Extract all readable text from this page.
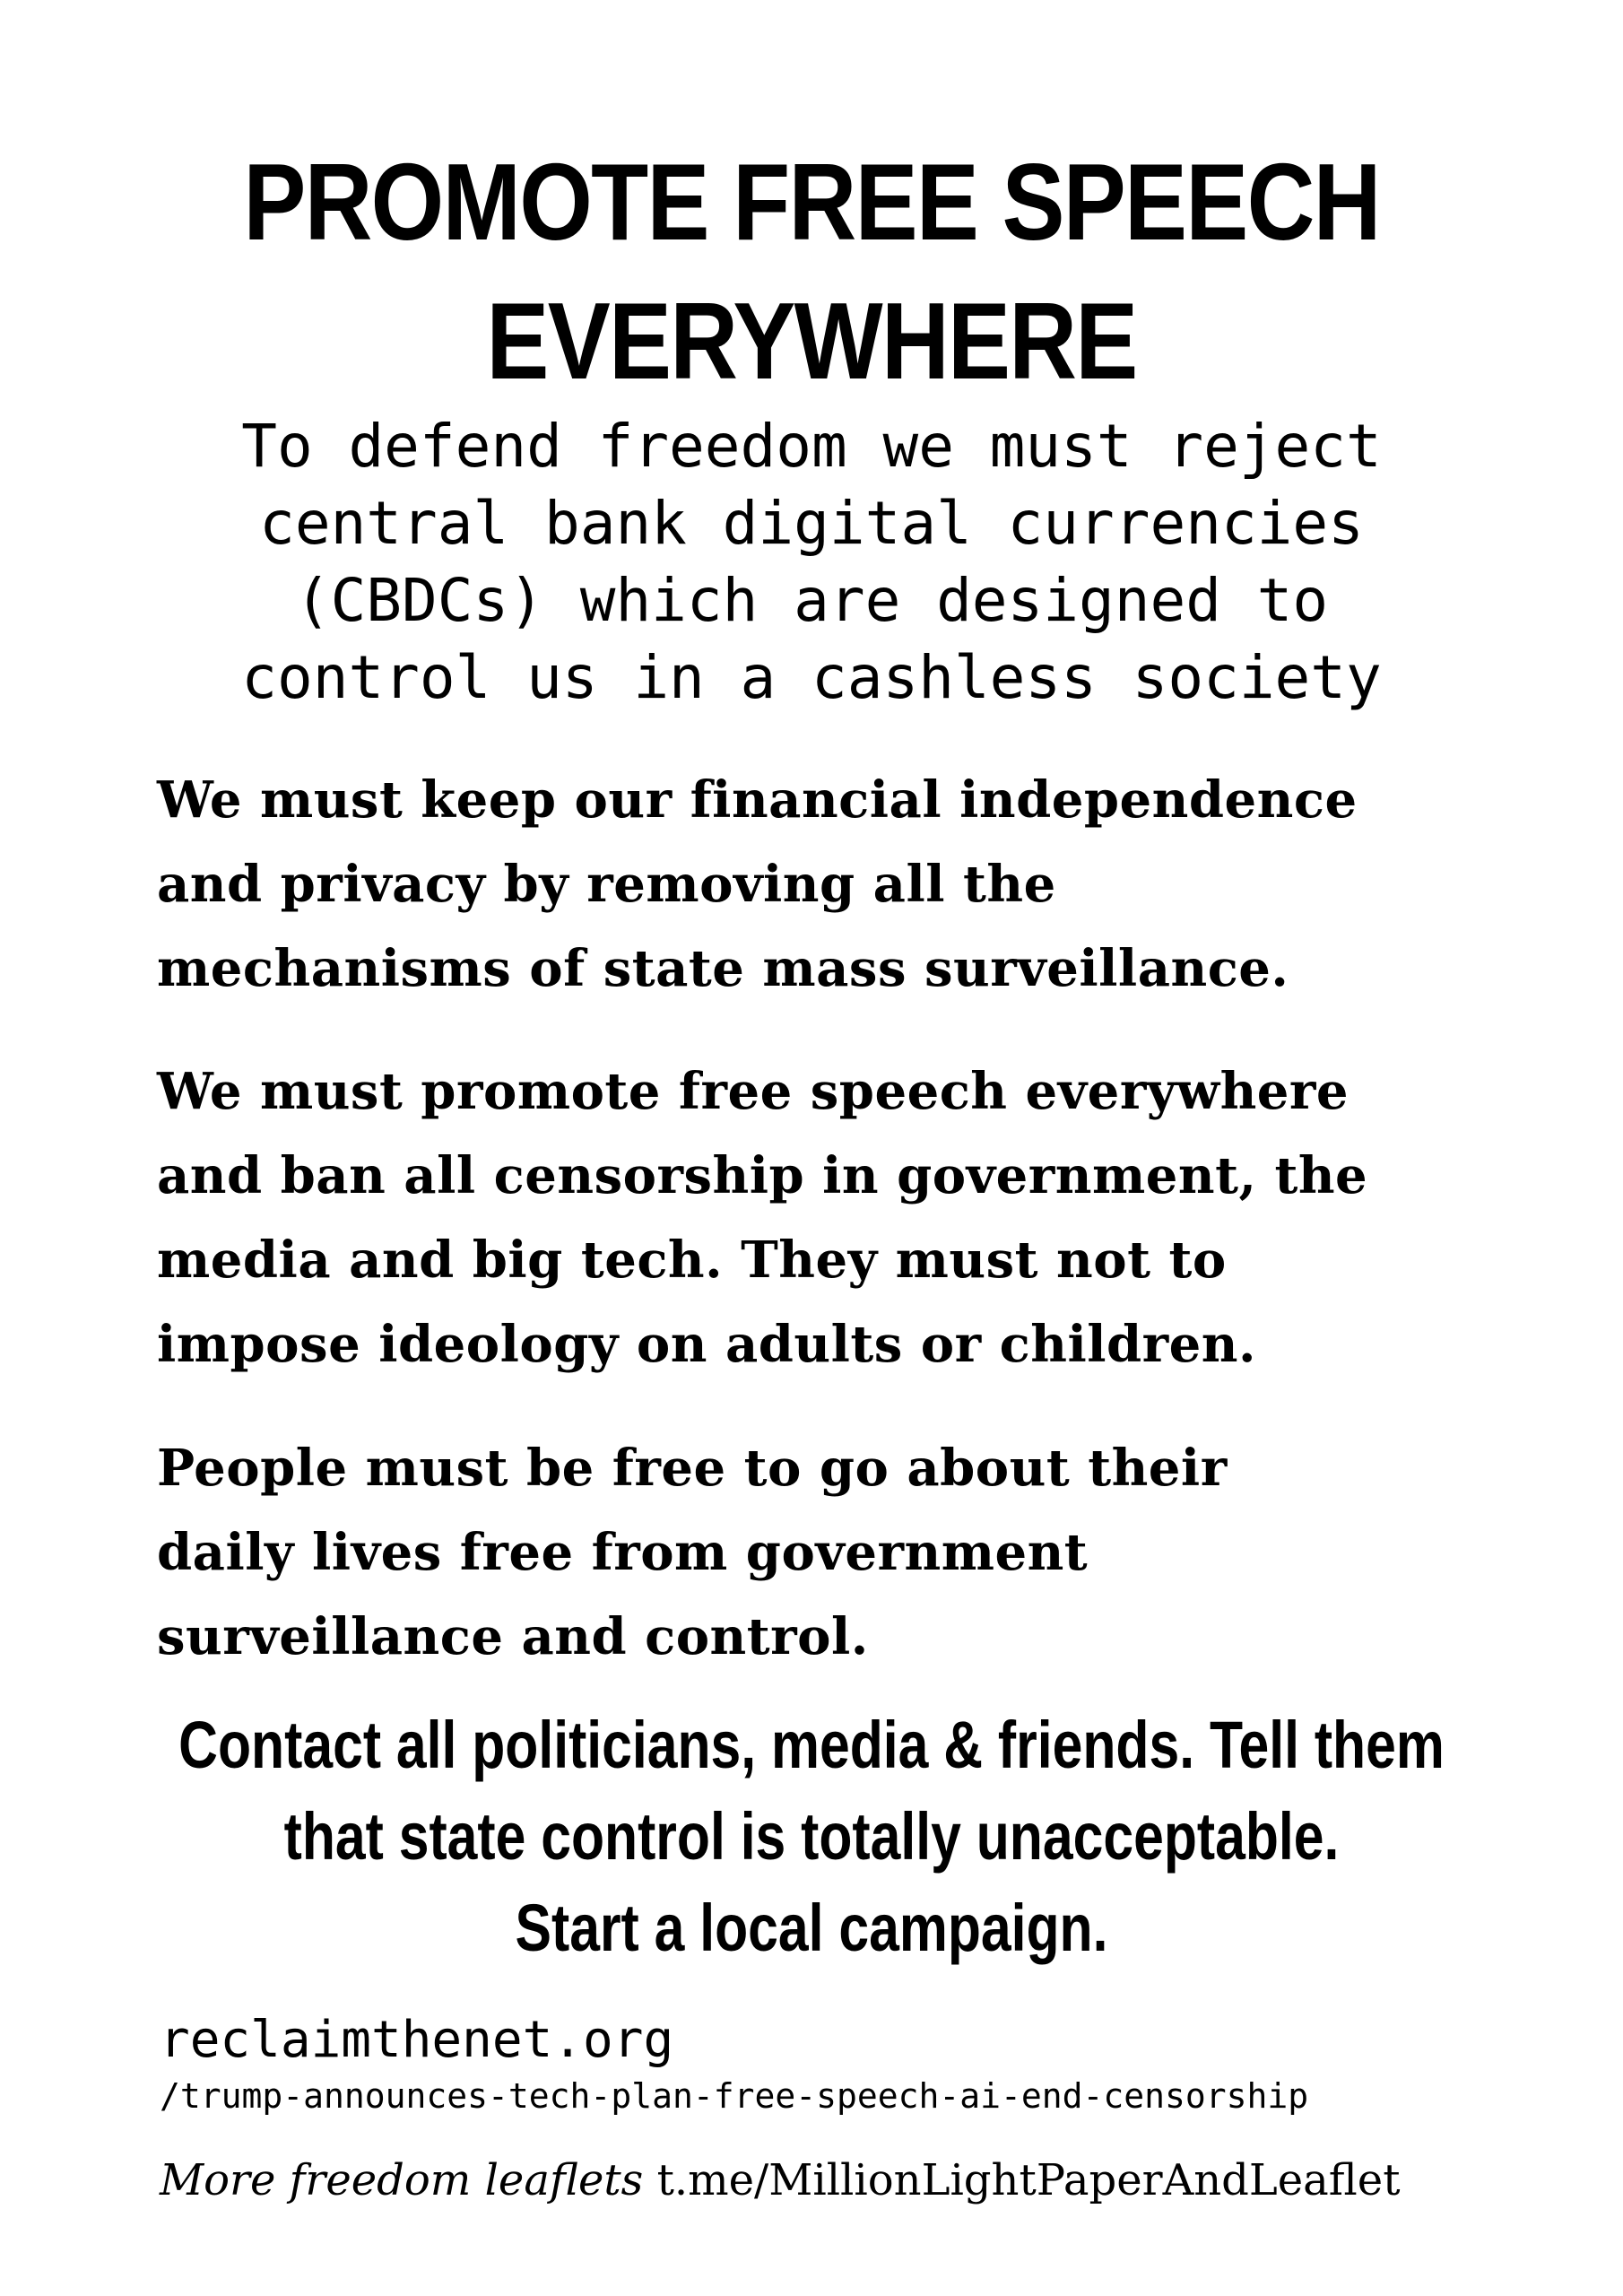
PROMOTE FREE SPEECH
EVERYWHERE
To defend freedom we must reject
central bank digital currencies
(CBDCs) which are designed to
control us in a cashless society
We must keep our financial independence
and privacy by removing all the
mechanisms of state mass surveillance.
We must promote free speech everywhere
and ban all censorship in government, the
media and big tech. They must not to
impose ideology on adults or children.
People must be free to go about their
daily lives free from government
surveillance and control.
Contact all politicians, media & friends. Tell them
that state control is totally unacceptable.
Start a local campaign.
reclaimthenet.org
/trump-announces-tech-plan-free-speech-ai-end-censorship
More freedom leaflets t.me/MillionLightPaperAndLeaflet
